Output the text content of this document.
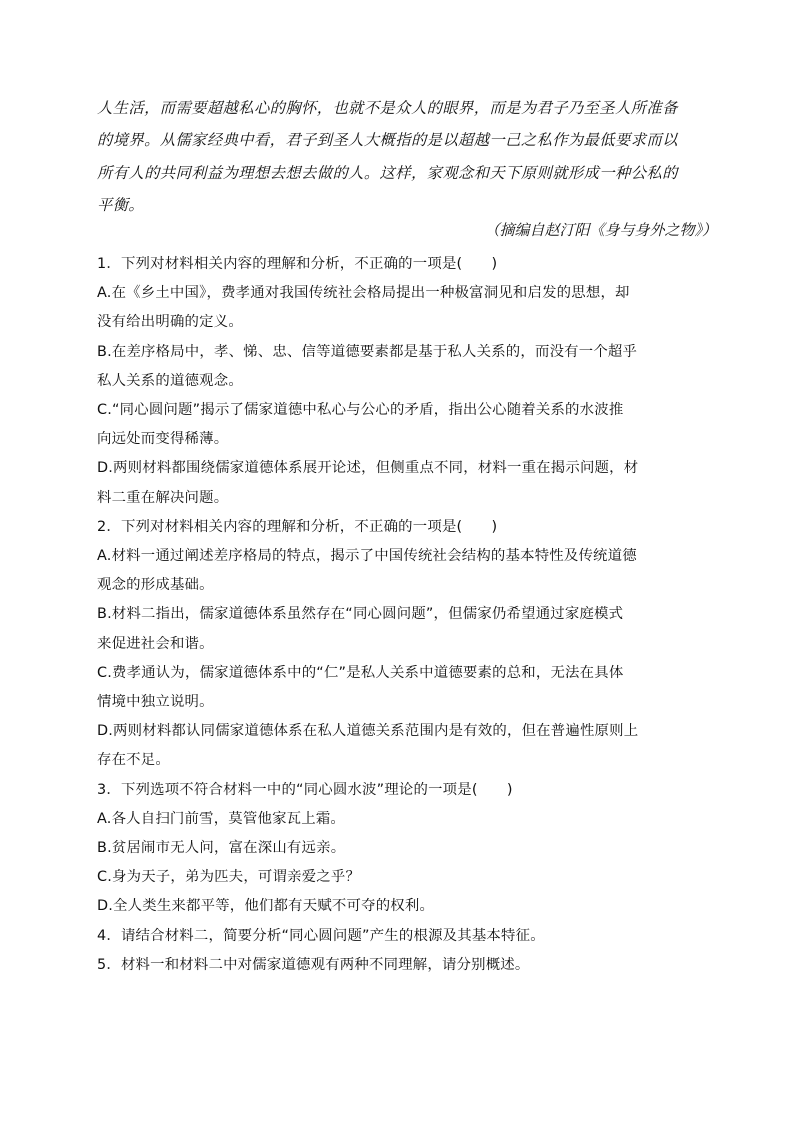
人生活，而需要超越私心的胸怀，也就不是众人的眼界，而是为君子乃至圣人所准备

的境界。从儒家经典中看，君子到圣人大概指的是以超越一己之私作为最低要求而以

所有人的共同利益为理想去想去做的人。这样，家观念和天下原则就形成一种公私的

平衡。

（摘编自赵汀阳《身与身外之物》）
1．下列对材料相关内容的理解和分析，不正确的一项是(　　)
A.在《乡土中国》，费孝通对我国传统社会格局提出一种极富洞见和启发的思想，却
没有给出明确的定义。
B.在差序格局中，孝、悌、忠、信等道德要素都是基于私人关系的，而没有一个超乎
私人关系的道德观念。
C.“同心圆问题”揭示了儒家道德中私心与公心的矛盾，指出公心随着关系的水波推
向远处而变得稀薄。
D.两则材料都围绕儒家道德体系展开论述，但侧重点不同，材料一重在揭示问题，材
料二重在解决问题。
2．下列对材料相关内容的理解和分析，不正确的一项是(　　)
A.材料一通过阐述差序格局的特点，揭示了中国传统社会结构的基本特性及传统道德
观念的形成基础。
B.材料二指出，儒家道德体系虽然存在“同心圆问题”，但儒家仍希望通过家庭模式
来促进社会和谐。
C.费孝通认为，儒家道德体系中的“仁”是私人关系中道德要素的总和，无法在具体
情境中独立说明。
D.两则材料都认同儒家道德体系在私人道德关系范围内是有效的，但在普遍性原则上
存在不足。
3．下列选项不符合材料一中的“同心圆水波”理论的一项是(　　)
A.各人自扫门前雪，莫管他家瓦上霜。
B.贫居闹市无人问，富在深山有远亲。
C.身为天子，弟为匹夫，可谓亲爱之乎？
D.全人类生来都平等，他们都有天赋不可夺的权利。
4．请结合材料二，简要分析“同心圆问题”产生的根源及其基本特征。
5．材料一和材料二中对儒家道德观有两种不同理解，请分别概述。
